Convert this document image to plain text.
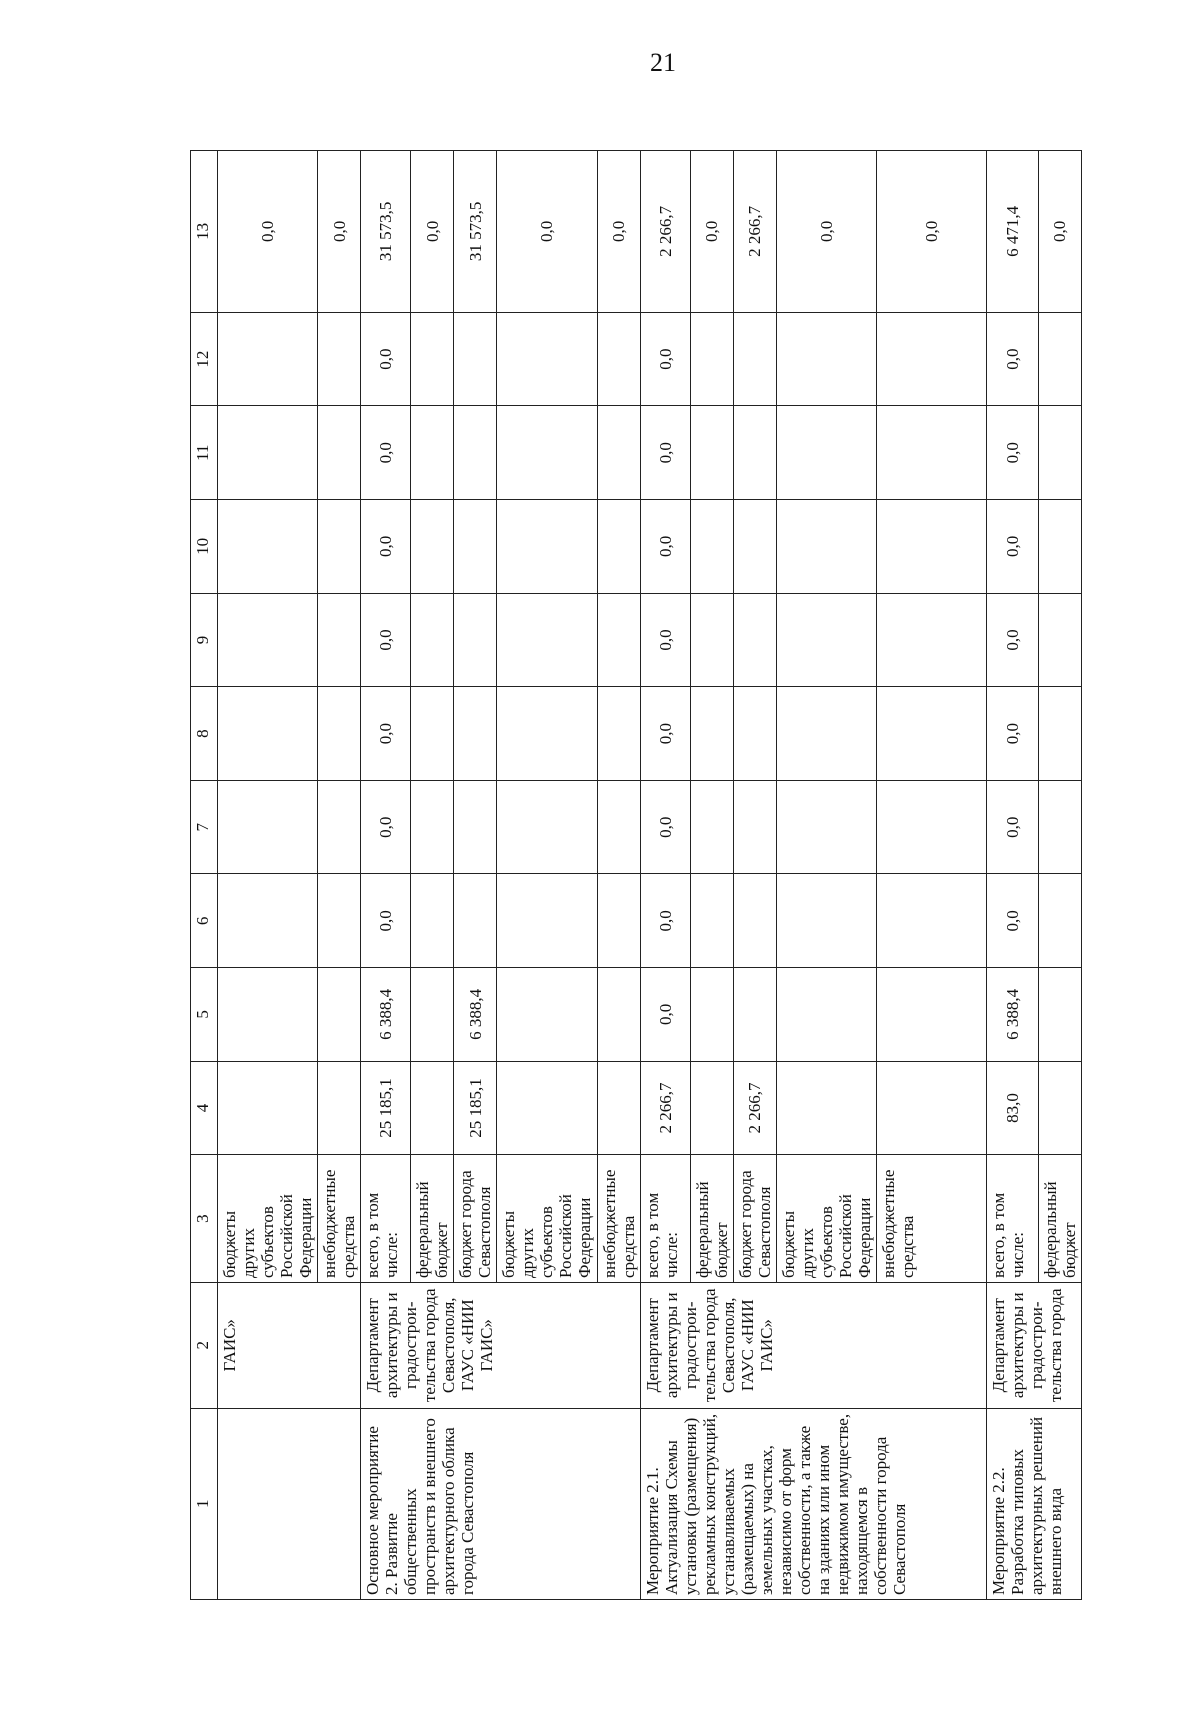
21
1	2	3	4	5	6	7	8	9	10	11	12	13
	ГАИС»	бюджеты других субъектов Российской Федерации										0,0
		внебюджетные средства										0,0
Основное мероприятие 2. Развитие общественных пространств и внешнего архитектурного облика города Севастополя	Департамент архитектуры и градострои-тельства города Севастополя, ГАУС «НИИ ГАИС»	всего, в том числе:	25 185,1	6 388,4	0,0	0,0	0,0	0,0	0,0	0,0	0,0	31 573,5
		федеральный бюджет										0,0
		бюджет города Севастополя	25 185,1	6 388,4								31 573,5
		бюджеты других субъектов Российской Федерации										0,0
		внебюджетные средства										0,0
Мероприятие 2.1. Актуализация Схемы установки (размещения) рекламных конструкций, устанавливаемых (размещаемых) на земельных участках, независимо от форм собственности, а также на зданиях или ином недвижимом имуществе, находящемся в собственности города Севастополя	Департамент архитектуры и градострои-тельства города Севастополя, ГАУС «НИИ ГАИС»	всего, в том числе:	2 266,7	0,0	0,0	0,0	0,0	0,0	0,0	0,0	0,0	2 266,7
		федеральный бюджет										0,0
		бюджет города Севастополя	2 266,7									2 266,7
		бюджеты других субъектов Российской Федерации										0,0
		внебюджетные средства										0,0
Мероприятие 2.2. Разработка типовых архитектурных решений внешнего вида	Департамент архитектуры и градострои-тельства города	всего, в том числе:	83,0	6 388,4	0,0	0,0	0,0	0,0	0,0	0,0	0,0	6 471,4
		федеральный бюджет										0,0
